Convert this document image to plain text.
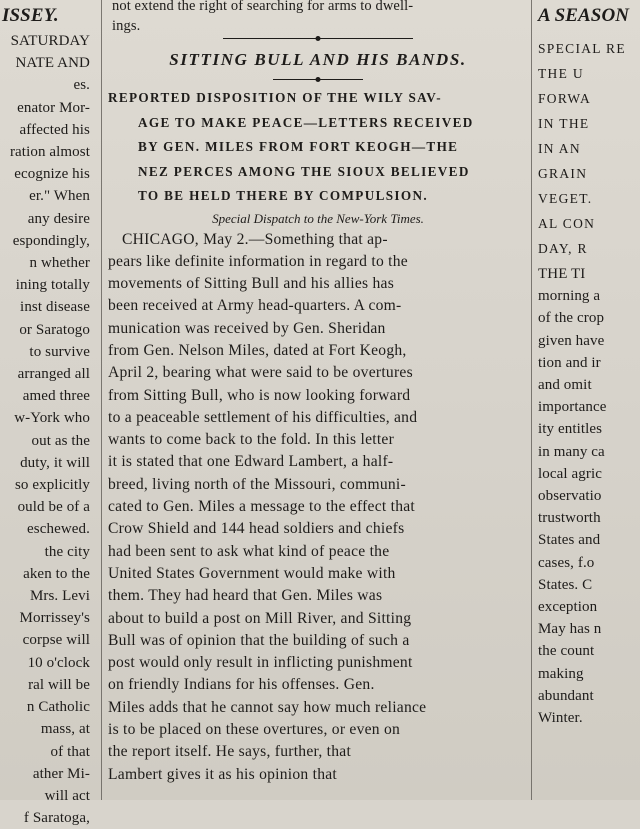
ISSEY.
SATURDAY
NATE AND
es.
enator Mor-
affected his
ration almost
ecognize his
er." When
any desire
espondingly,
n whether
ining totally
inst disease
or Saratogo
to survive
arranged all
amed three
w-York who
out as the
duty, it will
so explicitly
ould be of a
eschewed.
the city
aken to the
Mrs. Levi
Morrissey's
corpse will
10 o'clock
ral will be
n Catholic
mass, at
of that
ather Mi-
will act
f Saratoga,
not extend the right of searching for arms to dwell-
ings.
SITTING BULL AND HIS BANDS.
REPORTED DISPOSITION OF THE WILY SAV-
AGE TO MAKE PEACE—LETTERS RECEIVED
BY GEN. MILES FROM FORT KEOGH—THE
NEZ PERCES AMONG THE SIOUX BELIEVED
TO BE HELD THERE BY COMPULSION.
Special Dispatch to the New-York Times.
CHICAGO, May 2.—Something that ap-
pears like definite information in regard to the
movements of Sitting Bull and his allies has
been received at Army head-quarters. A com-
munication was received by Gen. Sheridan
from Gen. Nelson Miles, dated at Fort Keogh,
April 2, bearing what were said to be overtures
from Sitting Bull, who is now looking forward
to a peaceable settlement of his difficulties, and
wants to come back to the fold. In this letter
it is stated that one Edward Lambert, a half-
breed, living north of the Missouri, communi-
cated to Gen. Miles a message to the effect that
Crow Shield and 144 head soldiers and chiefs
had been sent to ask what kind of peace the
United States Government would make with
them. They had heard that Gen. Miles was
about to build a post on Mill River, and Sitting
Bull was of opinion that the building of such a
post would only result in inflicting punishment
on friendly Indians for his offenses. Gen.
Miles adds that he cannot say how much reliance
is to be placed on these overtures, or even on
the report itself. He says, further, that
Lambert gives it as his opinion that
A SEASON
SPECIAL RE
THE U
FORWA
IN THE
IN AN
GRAIN
VEGET.
AL CON
DAY, R
THE TI
morning a
of the crop
given have
tion and ir
and omit
importance
ity entitles
in many ca
local agric
observatio
trustworth
States and
cases, f.o
States. C
exception
May has n
the count
making
abundant
Winter.
